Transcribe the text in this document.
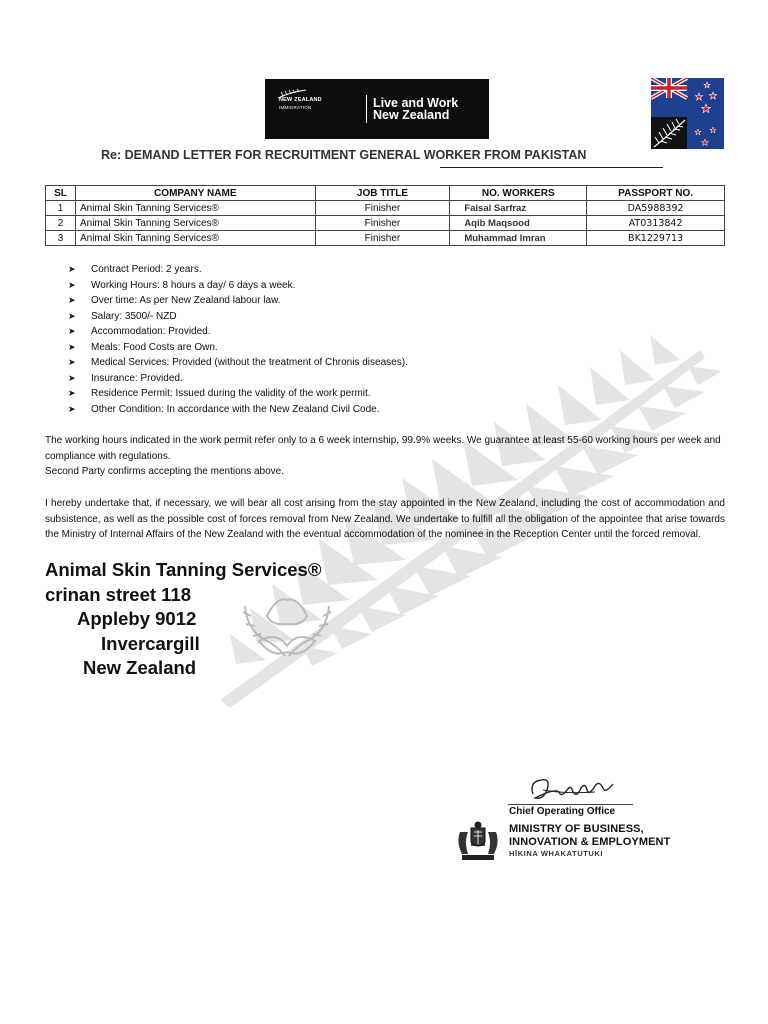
NEW ZEALAND
IMMIGRATION	Live and Work
New Zealand
Re: DEMAND LETTER FOR RECRUITMENT GENERAL WORKER FROM PAKISTAN
SL	COMPANY NAME	JOB TITLE	NO. WORKERS	PASSPORT NO.
1	Animal Skin Tanning Services®	Finisher	Faisal Sarfraz	DA5988392
2	Animal Skin Tanning Services®	Finisher	Aqib Maqsood	AT0313842
3	Animal Skin Tanning Services®	Finisher	Muhammad Imran	BK1229713
➤ Contract Period: 2 years.
➤ Working Hours: 8 hours a day/ 6 days a week.
➤ Over time: As per New Zealand labour law.
➤ Salary: 3500/- NZD
➤ Accommodation: Provided.
➤ Meals: Food Costs are Own.
➤ Medical Services: Provided (without the treatment of Chronis diseases).
➤ Insurance: Provided.
➤ Residence Permit: Issued during the validity of the work permit.
➤ Other Condition: In accordance with the New Zealand Civil Code.

The working hours indicated in the work permit refer only to a 6 week internship, 99.9% weeks. We guarantee at least 55-60 working hours per week and compliance with regulations.

Second Party confirms accepting the mentions above.

I hereby undertake that, if necessary, we will bear all cost arising from the stay appointed in the New Zealand, including the cost of accommodation and subsistence, as well as the possible cost of forces removal from New Zealand. We undertake to fulfill all the obligation of the appointee that arise towards the Ministry of Internal Affairs of the New Zealand with the eventual accommodation of the nominee in the Reception Center until the forced removal.

Animal Skin Tanning Services®
crinan street 118
Appleby 9012
Invercargill
New Zealand
Chief Operating Office
MINISTRY OF BUSINESS,
INNOVATION & EMPLOYMENT
HĪKINA WHAKATUTUKI
